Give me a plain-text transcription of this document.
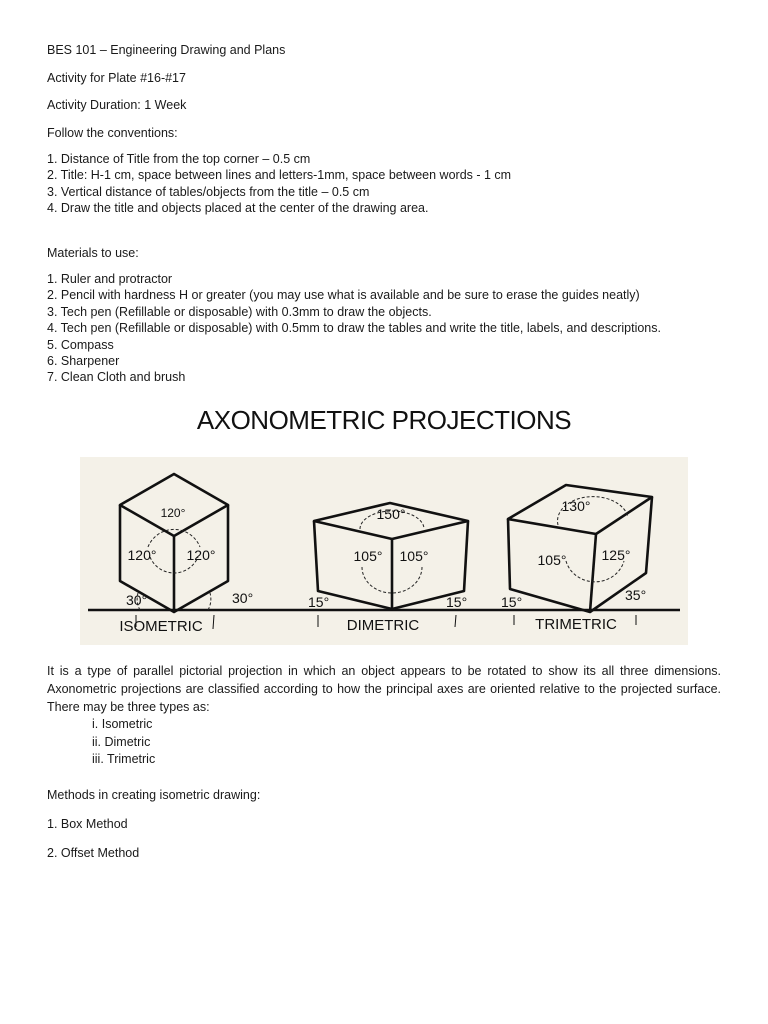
BES 101 – Engineering Drawing and Plans
Activity for Plate #16-#17
Activity Duration: 1 Week
Follow the conventions:
1. Distance of Title from the top corner – 0.5 cm
2. Title: H-1 cm, space between lines and letters-1mm, space between words - 1 cm
3. Vertical distance of tables/objects from the title – 0.5 cm
4. Draw the title and objects placed at the center of the drawing area.
Materials to use:
1. Ruler and protractor
2. Pencil with hardness H or greater (you may use what is available and be sure to erase the guides neatly)
3. Tech pen (Refillable or disposable) with 0.3mm to draw the objects.
4. Tech pen (Refillable or disposable) with 0.5mm to draw the tables and write the title, labels, and descriptions.
5. Compass
6. Sharpener
7. Clean Cloth and brush
AXONOMETRIC PROJECTIONS
120°
120° 120°
30°	30°
ISOMETRIC
150°
105° 105°
15°	15°
DIMETRIC
130°
105°	125°
15°	35°
TRIMETRIC
It is a type of parallel pictorial projection in which an object appears to be rotated to show its all three dimensions. Axonometric projections are classified according to how the principal axes are oriented relative to the projected surface. There may be three types as:
i. Isometric
ii. Dimetric
iii. Trimetric
Methods in creating isometric drawing:
1. Box Method
2. Offset Method
